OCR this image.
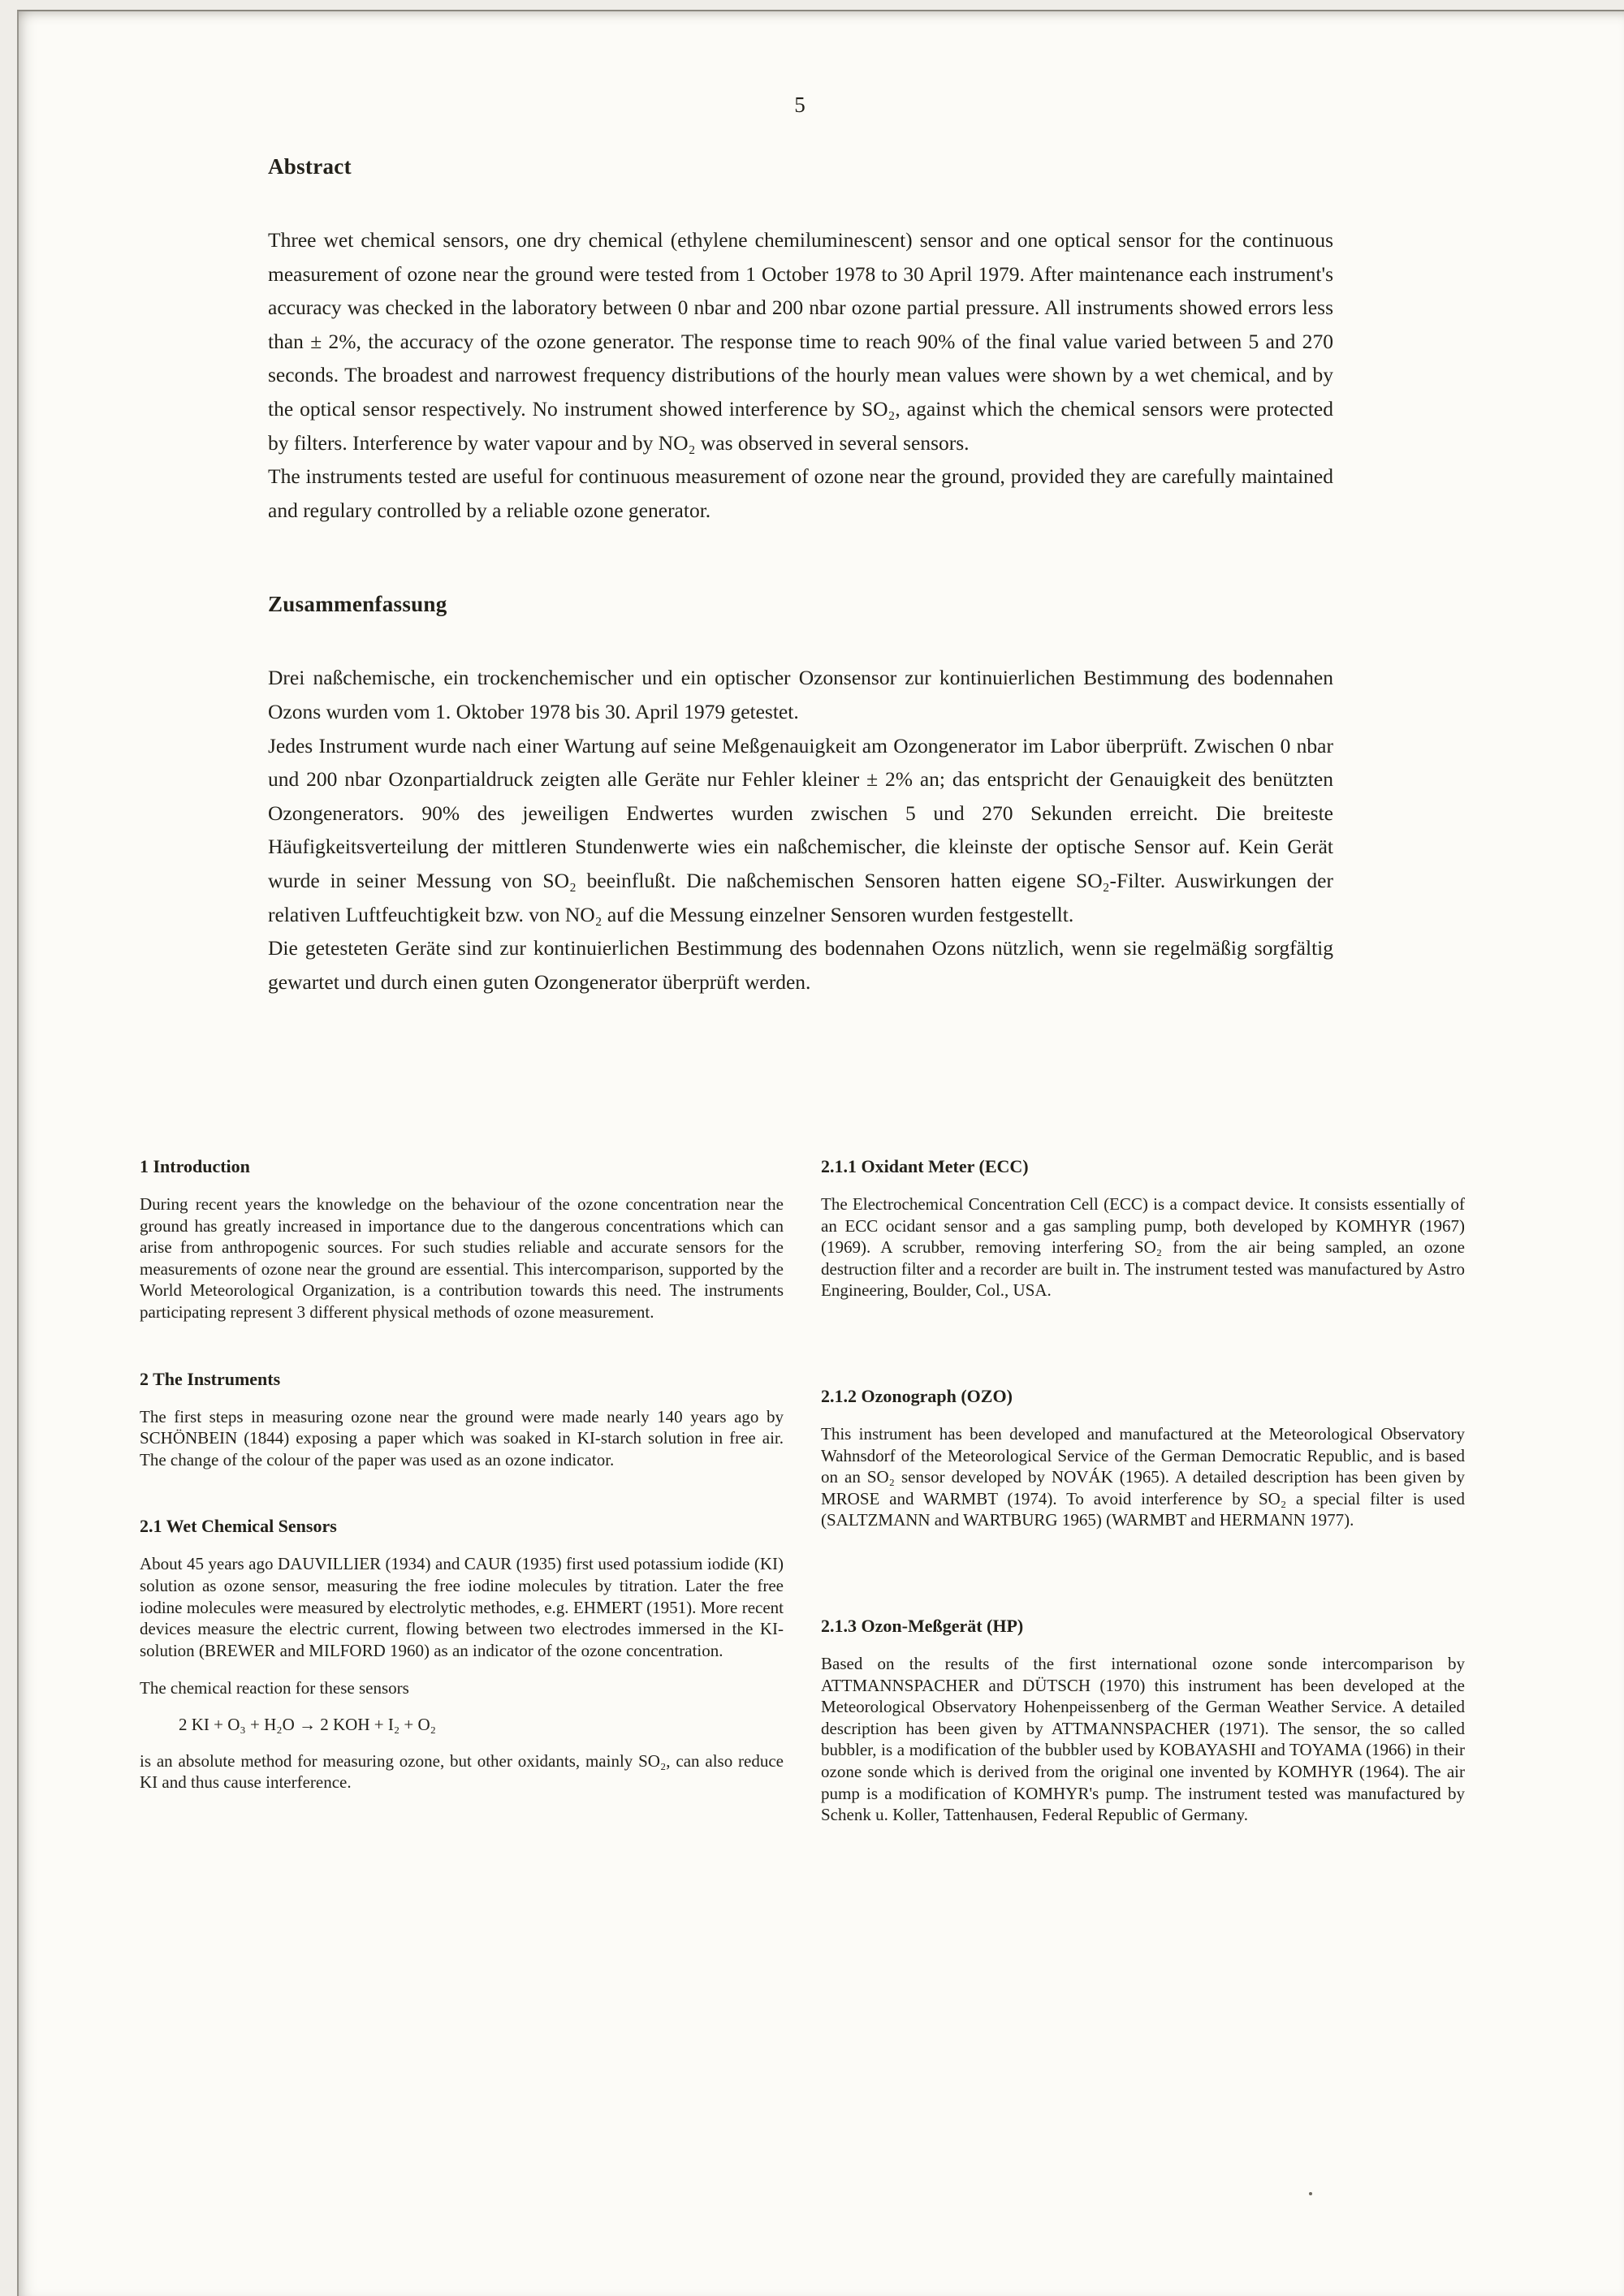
5
Abstract

Three wet chemical sensors, one dry chemical (ethylene chemiluminescent) sensor and one optical sensor for the continuous measurement of ozone near the ground were tested from 1 October 1978 to 30 April 1979. After maintenance each instrument's accuracy was checked in the laboratory between 0 nbar and 200 nbar ozone partial pressure. All instruments showed errors less than ± 2%, the accuracy of the ozone generator. The response time to reach 90% of the final value varied between 5 and 270 seconds. The broadest and narrowest frequency distributions of the hourly mean values were shown by a wet chemical, and by the optical sensor respectively. No instrument showed interference by SO₂, against which the chemical sensors were protected by filters. Interference by water vapour and by NO₂ was observed in several sensors.

The instruments tested are useful for continuous measurement of ozone near the ground, provided they are carefully maintained and regulary controlled by a reliable ozone generator.

Zusammenfassung

Drei naßchemische, ein trockenchemischer und ein optischer Ozonsensor zur kontinuierlichen Bestimmung des bodennahen Ozons wurden vom 1. Oktober 1978 bis 30. April 1979 getestet.

Jedes Instrument wurde nach einer Wartung auf seine Meßgenauigkeit am Ozongenerator im Labor überprüft. Zwischen 0 nbar und 200 nbar Ozonpartialdruck zeigten alle Geräte nur Fehler kleiner ± 2% an; das entspricht der Genauigkeit des benützten Ozongenerators. 90% des jeweiligen Endwertes wurden zwischen 5 und 270 Sekunden erreicht. Die breiteste Häufigkeitsverteilung der mittleren Stundenwerte wies ein naßchemischer, die kleinste der optische Sensor auf. Kein Gerät wurde in seiner Messung von SO₂ beeinflußt. Die naßchemischen Sensoren hatten eigene SO₂-Filter. Auswirkungen der relativen Luftfeuchtigkeit bzw. von NO₂ auf die Messung einzelner Sensoren wurden festgestellt.

Die getesteten Geräte sind zur kontinuierlichen Bestimmung des bodennahen Ozons nützlich, wenn sie regelmäßig sorgfältig gewartet und durch einen guten Ozongenerator überprüft werden.

1 Introduction

During recent years the knowledge on the behaviour of the ozone concentration near the ground has greatly increased in importance due to the dangerous concentrations which can arise from anthropogenic sources. For such studies reliable and accurate sensors for the measurements of ozone near the ground are essential. This intercomparison, supported by the World Meteorological Organization, is a contribution towards this need. The instruments participating represent 3 different physical methods of ozone measurement.

2 The Instruments

The first steps in measuring ozone near the ground were made nearly 140 years ago by SCHÖNBEIN (1844) exposing a paper which was soaked in KI-starch solution in free air. The change of the colour of the paper was used as an ozone indicator.

2.1 Wet Chemical Sensors

About 45 years ago DAUVILLIER (1934) and CAUR (1935) first used potassium iodide (KI) solution as ozone sensor, measuring the free iodine molecules by titration. Later the free iodine molecules were measured by electrolytic methodes, e.g. EHMERT (1951). More recent devices measure the electric current, flowing between two electrodes immersed in the KI-solution (BREWER and MILFORD 1960) as an indicator of the ozone concentration.

The chemical reaction for these sensors

2 KI + O₃ + H₂O → 2 KOH + I₂ + O₂

is an absolute method for measuring ozone, but other oxidants, mainly SO₂, can also reduce KI and thus cause interference.

2.1.1 Oxidant Meter (ECC)

The Electrochemical Concentration Cell (ECC) is a compact device. It consists essentially of an ECC ocidant sensor and a gas sampling pump, both developed by KOMHYR (1967) (1969). A scrubber, removing interfering SO₂ from the air being sampled, an ozone destruction filter and a recorder are built in. The instrument tested was manufactured by Astro Engineering, Boulder, Col., USA.

2.1.2 Ozonograph (OZO)

This instrument has been developed and manufactured at the Meteorological Observatory Wahnsdorf of the Meteorological Service of the German Democratic Republic, and is based on an SO₂ sensor developed by NOVÁK (1965). A detailed description has been given by MROSE and WARMBT (1974). To avoid interference by SO₂ a special filter is used (SALTZMANN and WARTBURG 1965) (WARMBT and HERMANN 1977).

2.1.3 Ozon-Meßgerät (HP)

Based on the results of the first international ozone sonde intercomparison by ATTMANNSPACHER and DÜTSCH (1970) this instrument has been developed at the Meteorological Observatory Hohenpeissenberg of the German Weather Service. A detailed description has been given by ATTMANNSPACHER (1971). The sensor, the so called bubbler, is a modification of the bubbler used by KOBAYASHI and TOYAMA (1966) in their ozone sonde which is derived from the original one invented by KOMHYR (1964). The air pump is a modification of KOMHYR's pump. The instrument tested was manufactured by Schenk u. Koller, Tattenhausen, Federal Republic of Germany.
